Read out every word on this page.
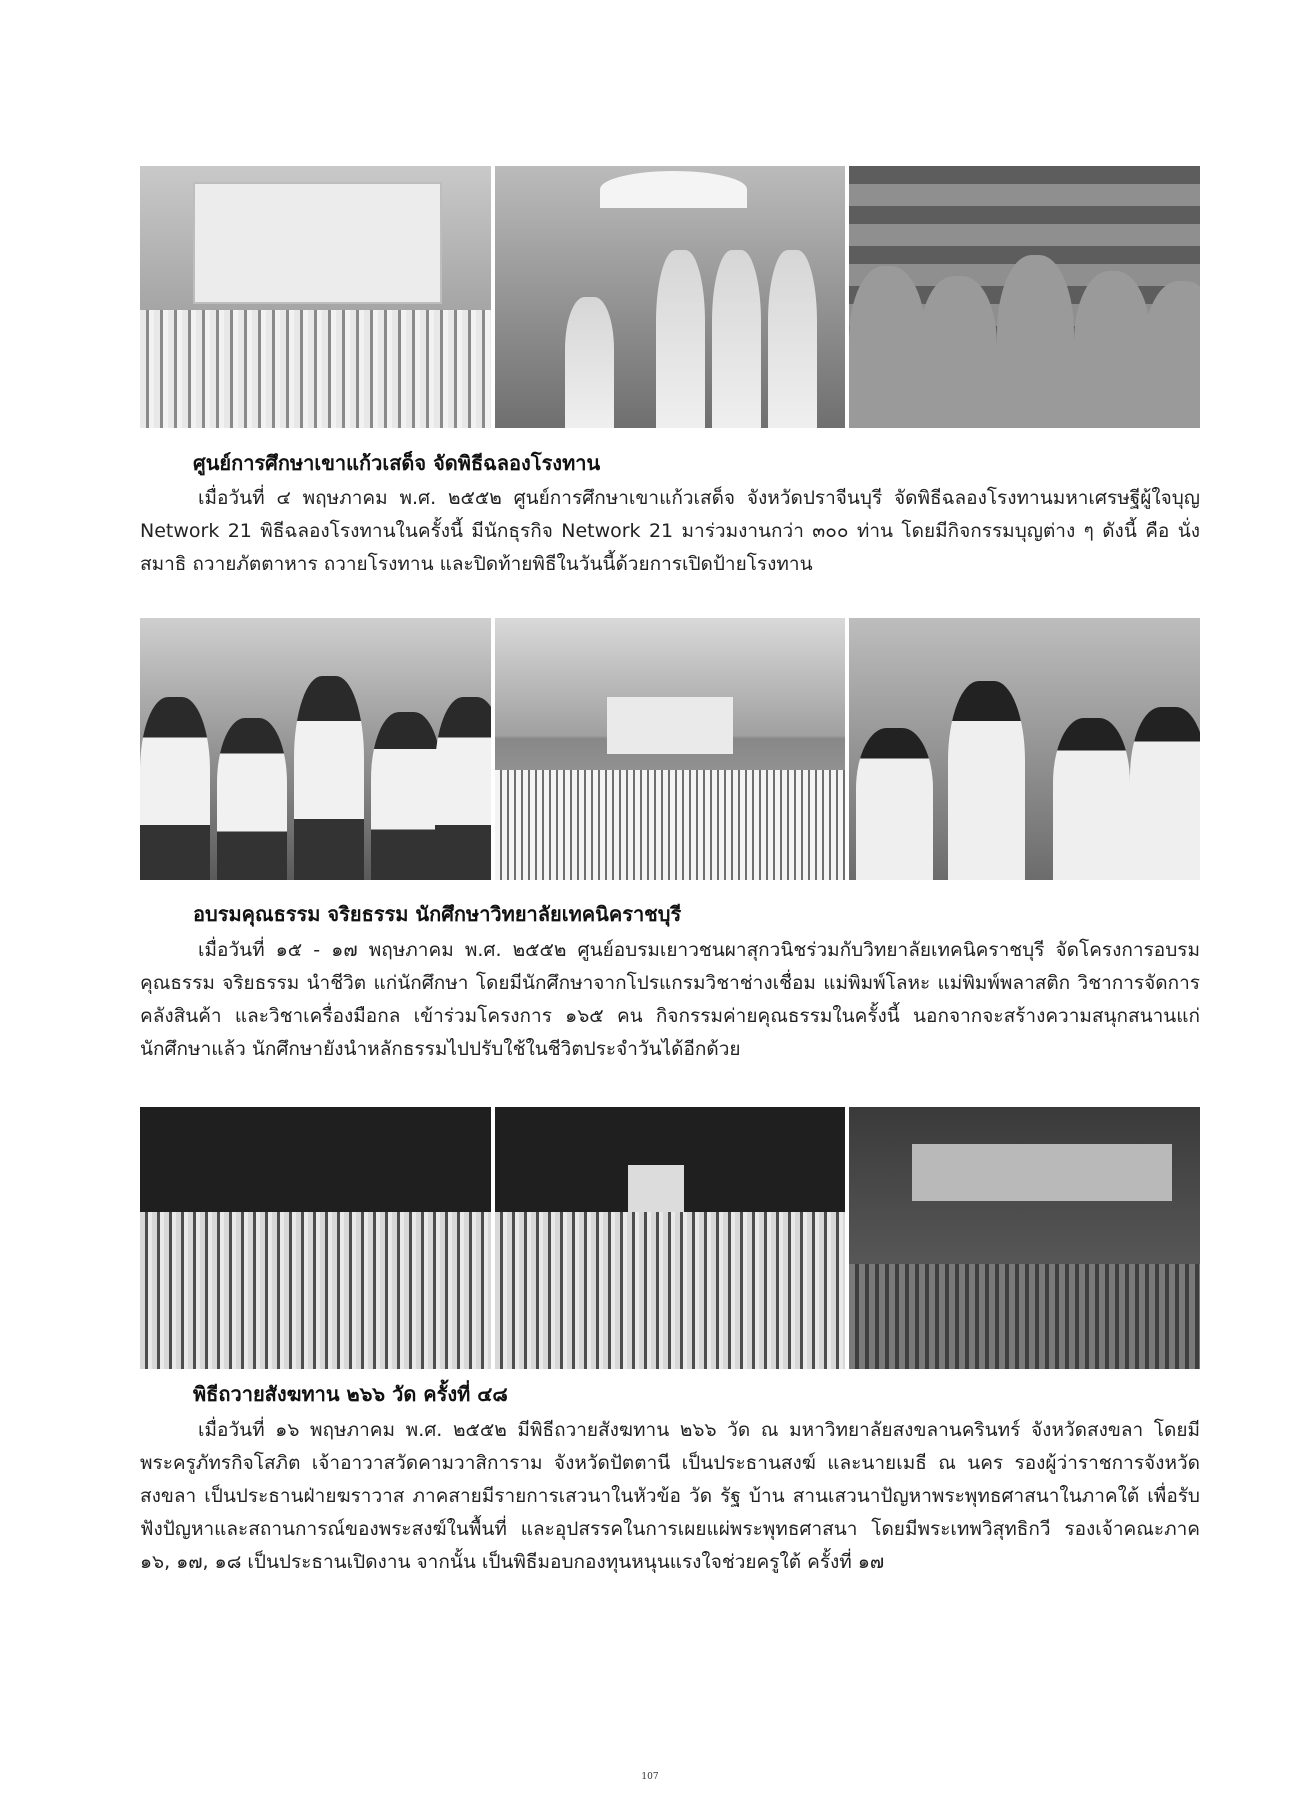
ศูนย์การศึกษาเขาแก้วเสด็จ จัดพิธีฉลองโรงทาน
เมื่อวันที่ ๔ พฤษภาคม พ.ศ. ๒๕๕๒ ศูนย์การศึกษาเขาแก้วเสด็จ จังหวัดปราจีนบุรี จัดพิธีฉลองโรงทานมหาเศรษฐีผู้ใจบุญ Network 21 พิธีฉลองโรงทานในครั้งนี้ มีนักธุรกิจ Network 21 มาร่วมงานกว่า ๓๐๐ ท่าน โดยมีกิจกรรมบุญต่าง ๆ ดังนี้ คือ นั่งสมาธิ ถวายภัตตาหาร ถวายโรงทาน และปิดท้ายพิธีในวันนี้ด้วยการเปิดป้ายโรงทาน
อบรมคุณธรรม จริยธรรม นักศึกษาวิทยาลัยเทคนิคราชบุรี
เมื่อวันที่ ๑๕ - ๑๗ พฤษภาคม พ.ศ. ๒๕๕๒ ศูนย์อบรมเยาวชนผาสุกวนิชร่วมกับวิทยาลัยเทคนิคราชบุรี จัดโครงการอบรมคุณธรรม จริยธรรม นำชีวิต แก่นักศึกษา โดยมีนักศึกษาจากโปรแกรมวิชาช่างเชื่อม แม่พิมพ์โลหะ แม่พิมพ์พลาสติก วิชาการจัดการคลังสินค้า และวิชาเครื่องมือกล เข้าร่วมโครงการ ๑๖๕ คน กิจกรรมค่ายคุณธรรมในครั้งนี้ นอกจากจะสร้างความสนุกสนานแก่นักศึกษาแล้ว นักศึกษายังนำหลักธรรมไปปรับใช้ในชีวิตประจำวันได้อีกด้วย
พิธีถวายสังฆทาน ๒๖๖ วัด ครั้งที่ ๔๘
เมื่อวันที่ ๑๖ พฤษภาคม พ.ศ. ๒๕๕๒ มีพิธีถวายสังฆทาน ๒๖๖ วัด ณ มหาวิทยาลัยสงขลานครินทร์ จังหวัดสงขลา โดยมีพระครูภัทรกิจโสภิต เจ้าอาวาสวัดคามวาสิการาม จังหวัดปัตตานี เป็นประธานสงฆ์ และนายเมธี ณ นคร รองผู้ว่าราชการจังหวัดสงขลา เป็นประธานฝ่ายฆราวาส ภาคสายมีรายการเสวนาในหัวข้อ วัด รัฐ บ้าน สานเสวนาปัญหาพระพุทธศาสนาในภาคใต้ เพื่อรับฟังปัญหาและสถานการณ์ของพระสงฆ์ในพื้นที่ และอุปสรรคในการเผยแผ่พระพุทธศาสนา โดยมีพระเทพวิสุทธิกวี รองเจ้าคณะภาค ๑๖, ๑๗, ๑๘ เป็นประธานเปิดงาน จากนั้น เป็นพิธีมอบกองทุนหนุนแรงใจช่วยครูใต้ ครั้งที่ ๑๗
107
